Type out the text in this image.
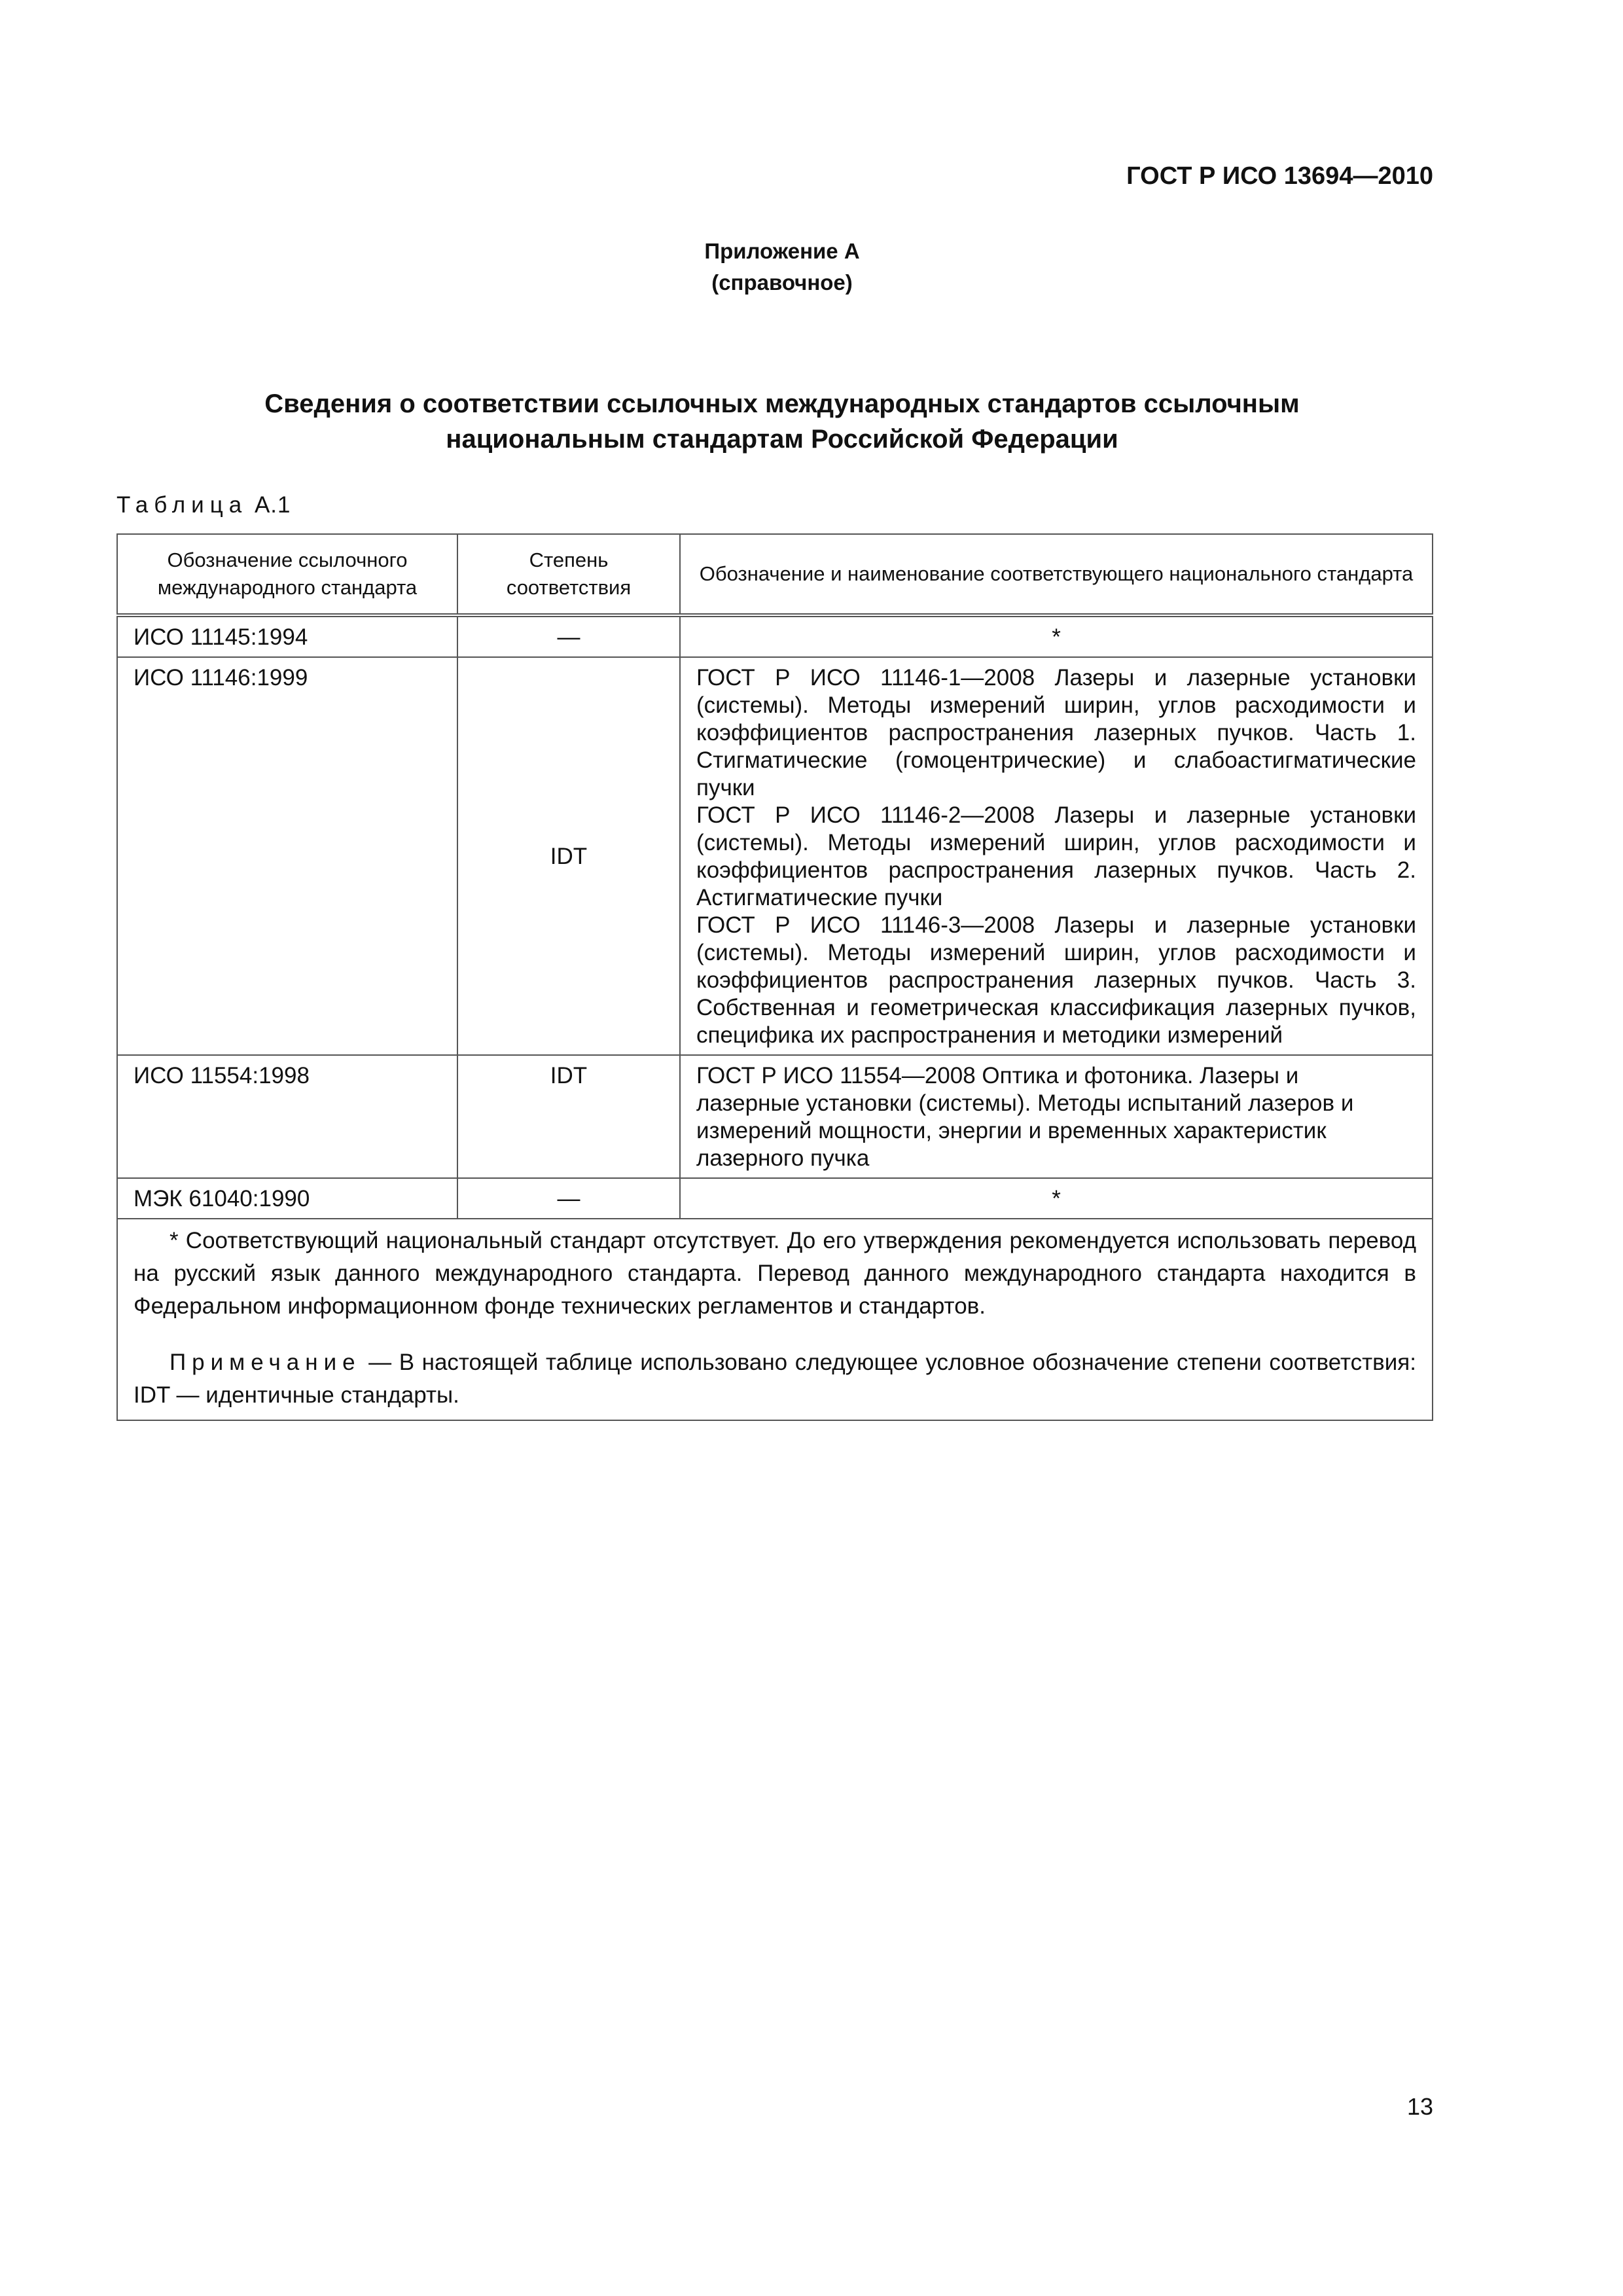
ГОСТ Р ИСО 13694—2010
Приложение А
(справочное)
Сведения о соответствии ссылочных международных стандартов ссылочным
национальным стандартам Российской Федерации
Таблица А.1
Обозначение ссылочного международного стандарта	Степень соответствия	Обозначение и наименование соответствующего национального стандарта
ИСО 11145:1994	—	*
ИСО 11146:1999	IDT	ГОСТ Р ИСО 11146-1—2008 Лазеры и лазерные установки (системы). Методы измерений ширин, углов расходимости и коэффициентов распространения лазерных пучков. Часть 1. Стигматические (гомоцентрические) и слабоастигматические пучки

ГОСТ Р ИСО 11146-2—2008 Лазеры и лазерные установки (системы). Методы измерений ширин, углов расходимости и коэффициентов распространения лазерных пучков. Часть 2. Астигматические пучки

ГОСТ Р ИСО 11146-3—2008 Лазеры и лазерные установки (системы). Методы измерений ширин, углов расходимости и коэффициентов распространения лазерных пучков. Часть 3. Собственная и геометрическая классификация лазерных пучков, специфика их распространения и методики измерений

ИСО 11554:1998	IDT	ГОСТ Р ИСО 11554—2008 Оптика и фотоника. Лазеры и лазерные установки (системы). Методы испытаний лазеров и измерений мощности, энергии и временных характеристик лазерного пучка

МЭК 61040:1990	—	*

* Соответствующий национальный стандарт отсутствует. До его утверждения рекомендуется использовать перевод на русский язык данного международного стандарта. Перевод данного международного стандарта находится в Федеральном информационном фонде технических регламентов и стандартов.

Примечание — В настоящей таблице использовано следующее условное обозначение степени соответствия: IDT — идентичные стандарты.		

13
